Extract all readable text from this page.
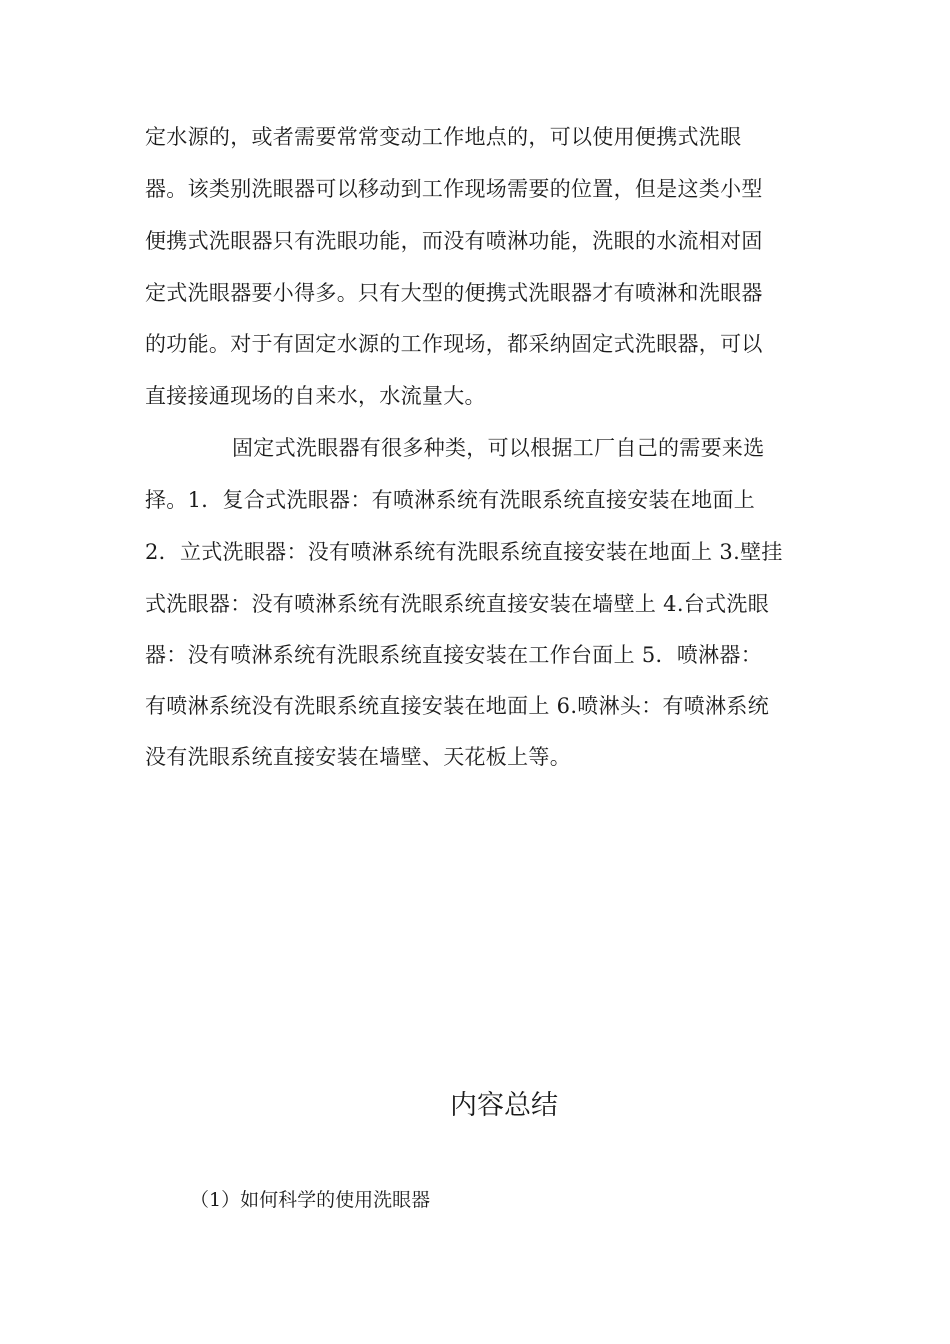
定水源的，或者需要常常变动工作地点的，可以使用便携式洗眼

器。该类别洗眼器可以移动到工作现场需要的位置，但是这类小型

便携式洗眼器只有洗眼功能，而没有喷淋功能，洗眼的水流相对固

定式洗眼器要小得多。只有大型的便携式洗眼器才有喷淋和洗眼器

的功能。对于有固定水源的工作现场，都采纳固定式洗眼器，可以

直接接通现场的自来水，水流量大。

固定式洗眼器有很多种类，可以根据工厂自己的需要来选

择。1．复合式洗眼器：有喷淋系统有洗眼系统直接安装在地面上

2．立式洗眼器：没有喷淋系统有洗眼系统直接安装在地面上 3.壁挂

式洗眼器：没有喷淋系统有洗眼系统直接安装在墙壁上 4.台式洗眼

器：没有喷淋系统有洗眼系统直接安装在工作台面上 5．喷淋器：

有喷淋系统没有洗眼系统直接安装在地面上 6.喷淋头：有喷淋系统

没有洗眼系统直接安装在墙壁、天花板上等。

内容总结

（1）如何科学的使用洗眼器
